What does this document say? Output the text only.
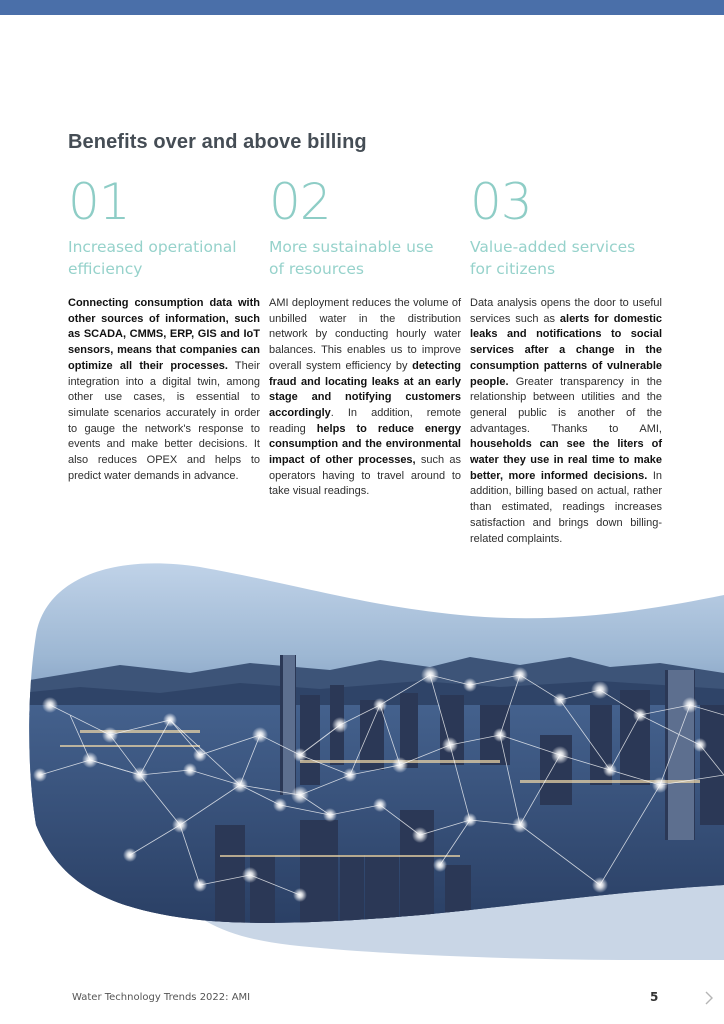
Benefits over and above billing
01
Increased operational
efficiency
Connecting consumption data with other sources of information, such as SCADA, CMMS, ERP, GIS and IoT sensors, means that companies can optimize all their processes. Their integration into a digital twin, among other use cases, is essential to simulate scenarios accurately in order to gauge the network's response to events and make better decisions. It also reduces OPEX and helps to predict water demands in advance.
02
More sustainable use
of resources
AMI deployment reduces the volume of unbilled water in the distribution network by conducting hourly water balances. This enables us to improve overall system efficiency by detecting fraud and locating leaks at an early stage and notifying customers accordingly. In addition, remote reading helps to reduce energy consumption and the environmental impact of other processes, such as operators having to travel around to take visual readings.
03
Value-added services
for citizens
Data analysis opens the door to useful services such as alerts for domestic leaks and notifications to social services after a change in the consumption patterns of vulnerable people. Greater transparency in the relationship between utilities and the general public is another of the advantages. Thanks to AMI, households can see the liters of water they use in real time to make better, more informed decisions. In addition, billing based on actual, rather than estimated, readings increases satisfaction and brings down billing-related complaints.
Water Technology Trends 2022: AMI	5
